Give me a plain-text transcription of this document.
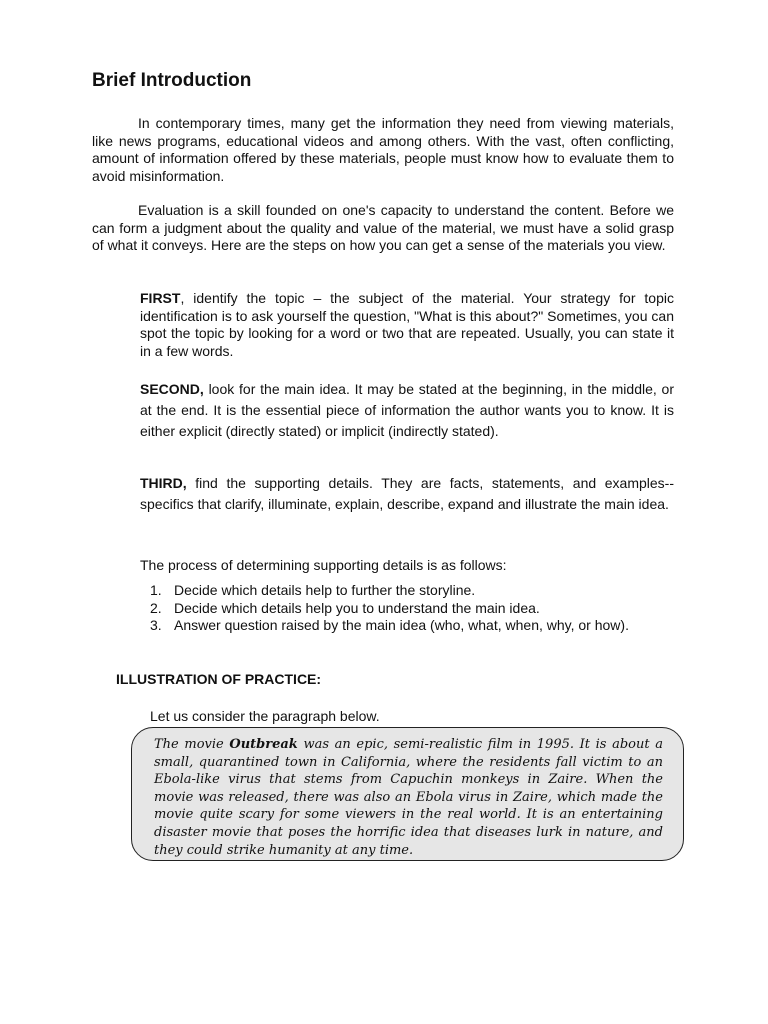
Brief Introduction

In contemporary times, many get the information they need from viewing materials, like news programs, educational videos and among others. With the vast, often conflicting, amount of information offered by these materials, people must know how to evaluate them to avoid misinformation.

Evaluation is a skill founded on one's capacity to understand the content. Before we can form a judgment about the quality and value of the material, we must have a solid grasp of what it conveys. Here are the steps on how you can get a sense of the materials you view.

FIRST, identify the topic – the subject of the material. Your strategy for topic identification is to ask yourself the question, "What is this about?" Sometimes, you can spot the topic by looking for a word or two that are repeated. Usually, you can state it in a few words.

SECOND, look for the main idea. It may be stated at the beginning, in the middle, or at the end. It is the essential piece of information the author wants you to know. It is either explicit (directly stated) or implicit (indirectly stated).

THIRD, find the supporting details. They are facts, statements, and examples--specifics that clarify, illuminate, explain, describe, expand and illustrate the main idea.

The process of determining supporting details is as follows:

1. Decide which details help to further the storyline.
2. Decide which details help you to understand the main idea.
3. Answer question raised by the main idea (who, what, when, why, or how).

ILLUSTRATION OF PRACTICE:

Let us consider the paragraph below.

The movie Outbreak was an epic, semi-realistic film in 1995. It is about a small, quarantined town in California, where the residents fall victim to an Ebola-like virus that stems from Capuchin monkeys in Zaire. When the movie was released, there was also an Ebola virus in Zaire, which made the movie quite scary for some viewers in the real world. It is an entertaining disaster movie that poses the horrific idea that diseases lurk in nature, and they could strike humanity at any time.
